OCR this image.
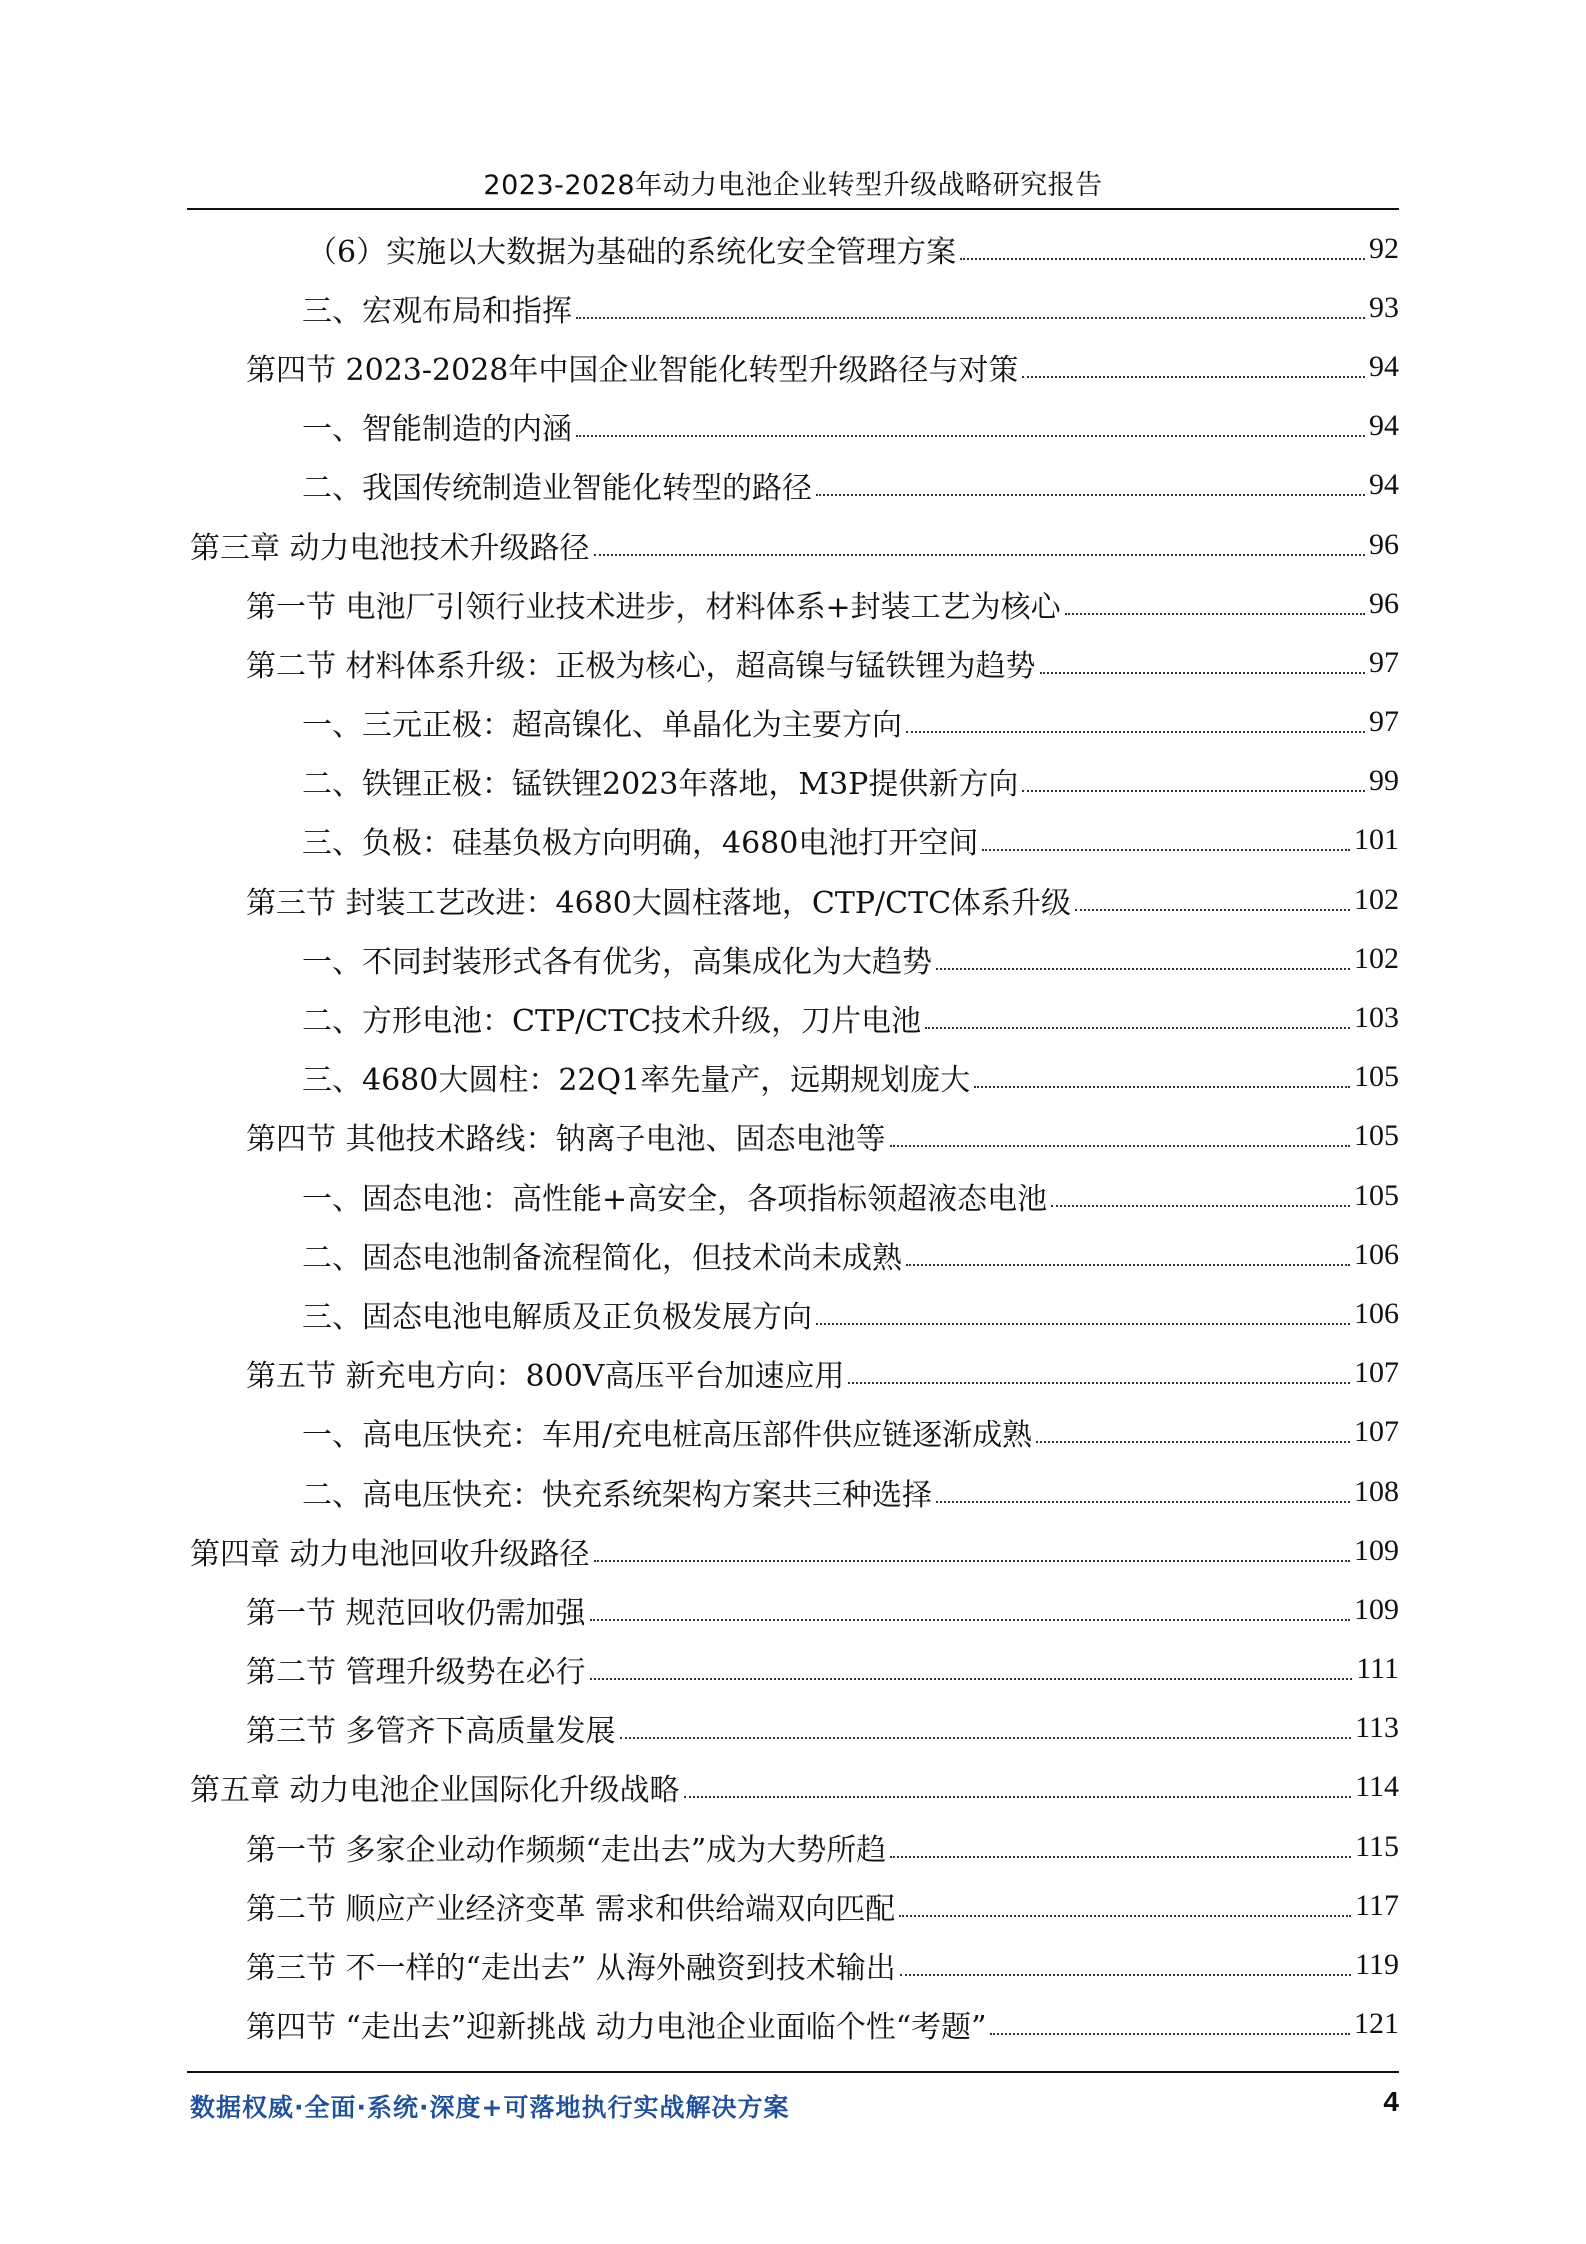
2023-2028年动力电池企业转型升级战略研究报告
（6）实施以大数据为基础的系统化安全管理方案	92
三、宏观布局和指挥	93
第四节 2023-2028年中国企业智能化转型升级路径与对策	94
一、智能制造的内涵	94
二、我国传统制造业智能化转型的路径	94
第三章 动力电池技术升级路径	96
第一节 电池厂引领行业技术进步，材料体系+封装工艺为核心	96
第二节 材料体系升级：正极为核心，超高镍与锰铁锂为趋势	97
一、三元正极：超高镍化、单晶化为主要方向	97
二、铁锂正极：锰铁锂2023年落地，M3P提供新方向	99
三、负极：硅基负极方向明确，4680电池打开空间	101
第三节 封装工艺改进：4680大圆柱落地，CTP/CTC体系升级	102
一、不同封装形式各有优劣，高集成化为大趋势	102
二、方形电池：CTP/CTC技术升级，刀片电池	103
三、4680大圆柱：22Q1率先量产，远期规划庞大	105
第四节 其他技术路线：钠离子电池、固态电池等	105
一、固态电池：高性能+高安全，各项指标领超液态电池	105
二、固态电池制备流程简化，但技术尚未成熟	106
三、固态电池电解质及正负极发展方向	106
第五节 新充电方向：800V高压平台加速应用	107
一、高电压快充：车用/充电桩高压部件供应链逐渐成熟	107
二、高电压快充：快充系统架构方案共三种选择	108
第四章 动力电池回收升级路径	109
第一节 规范回收仍需加强	109
第二节 管理升级势在必行	111
第三节 多管齐下高质量发展	113
第五章 动力电池企业国际化升级战略	114
第一节 多家企业动作频频“走出去”成为大势所趋	115
第二节 顺应产业经济变革 需求和供给端双向匹配	117
第三节 不一样的“走出去” 从海外融资到技术输出	119
第四节 “走出去”迎新挑战 动力电池企业面临个性“考题”	121
数据权威·全面·系统·深度+可落地执行实战解决方案	4
